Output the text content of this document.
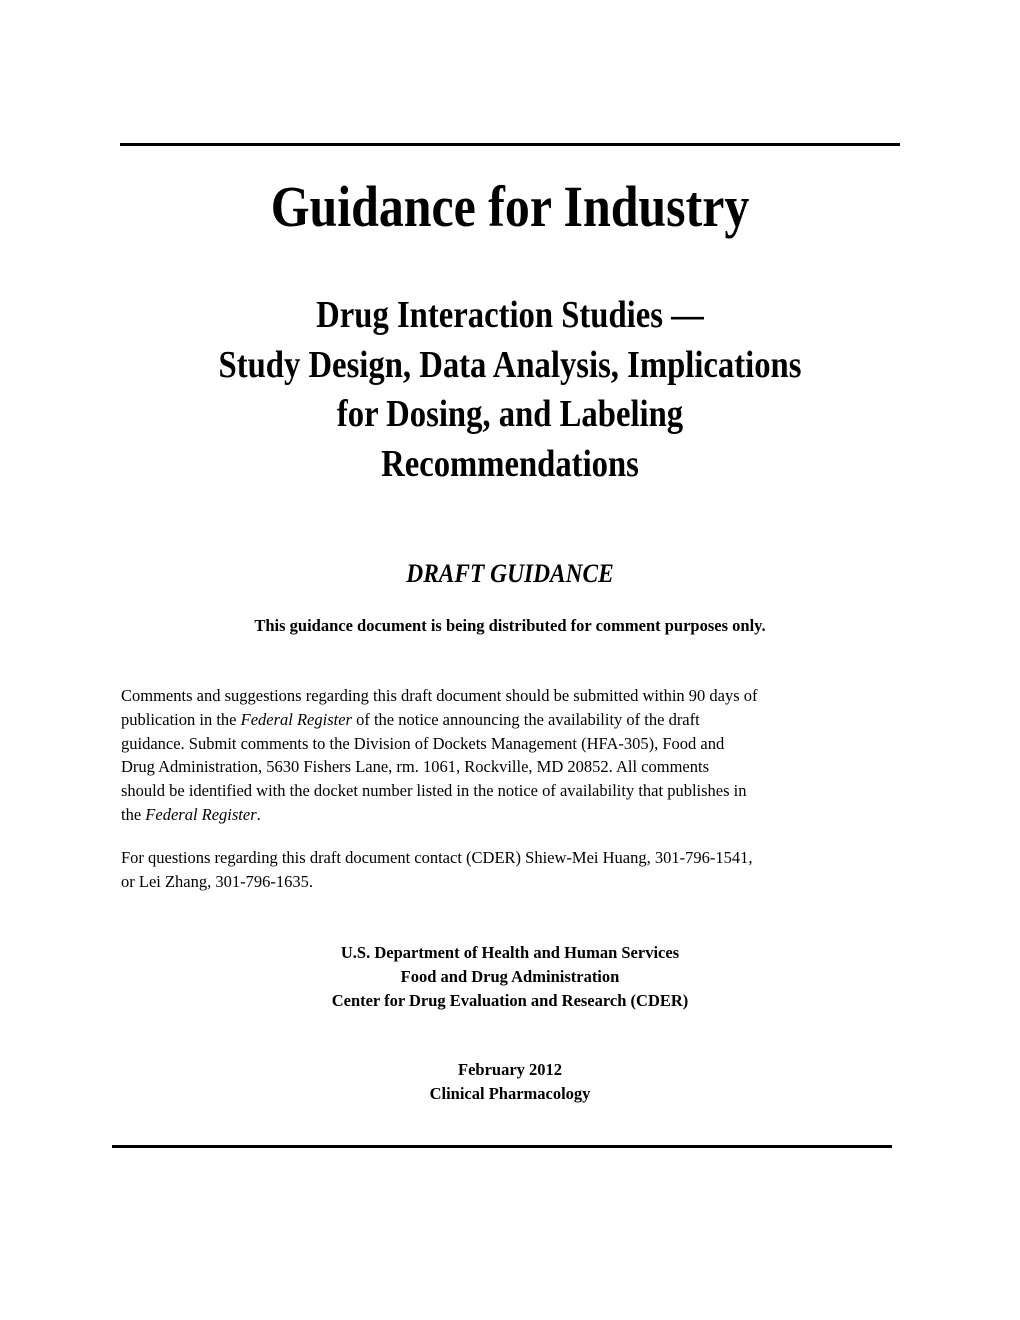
Guidance for Industry
Drug Interaction Studies —
Study Design, Data Analysis, Implications
for Dosing, and Labeling
Recommendations
DRAFT GUIDANCE
This guidance document is being distributed for comment purposes only.
Comments and suggestions regarding this draft document should be submitted within 90 days of
publication in the Federal Register of the notice announcing the availability of the draft
guidance. Submit comments to the Division of Dockets Management (HFA-305), Food and
Drug Administration, 5630 Fishers Lane, rm. 1061, Rockville, MD 20852. All comments
should be identified with the docket number listed in the notice of availability that publishes in
the Federal Register.
For questions regarding this draft document contact (CDER) Shiew-Mei Huang, 301-796-1541,
or Lei Zhang, 301-796-1635.
U.S. Department of Health and Human Services
Food and Drug Administration
Center for Drug Evaluation and Research (CDER)
February 2012
Clinical Pharmacology
